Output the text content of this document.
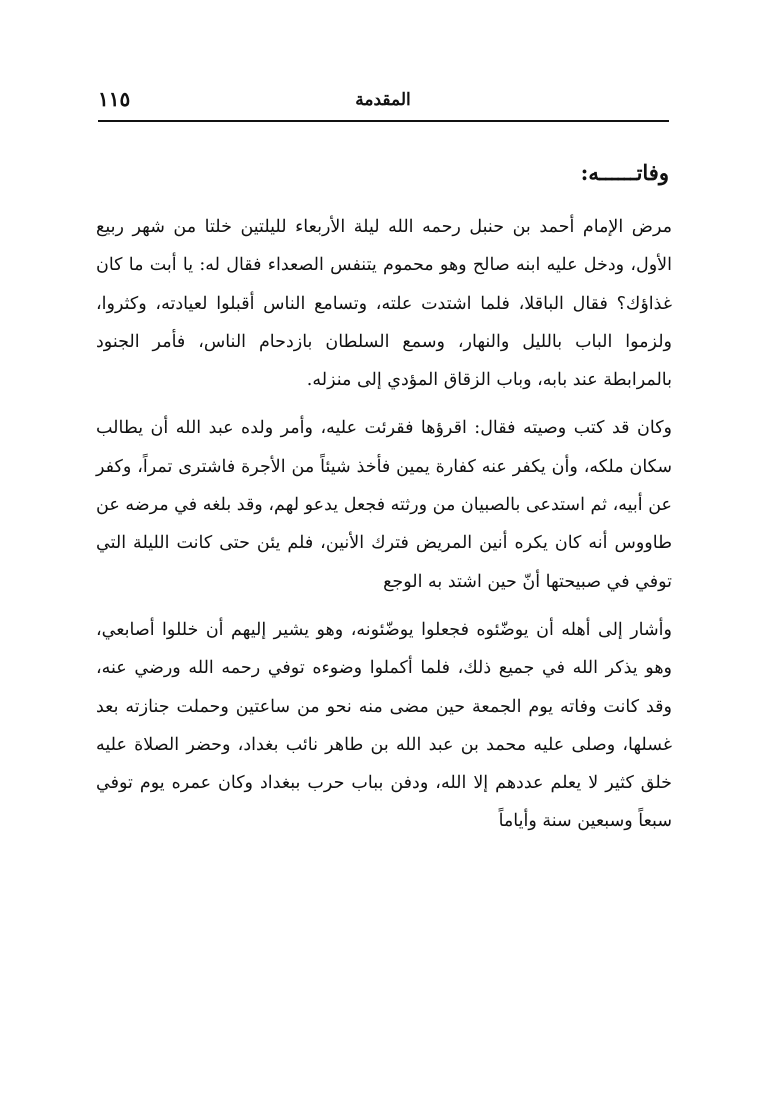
المقدمة
١١٥
وفاتــــــه:

مرض الإمام أحمد بن حنبل رحمه الله ليلة الأربعاء لليلتين خلتا من شهر ربيع الأول، ودخل عليه ابنه صالح وهو محموم يتنفس الصعداء فقال له: يا أبت ما كان غذاؤك؟ فقال الباقلا، فلما اشتدت علته، وتسامع الناس أقبلوا لعيادته، وكثروا، ولزموا الباب بالليل والنهار، وسمع السلطان بازدحام الناس، فأمر الجنود بالمرابطة عند بابه، وباب الزقاق المؤدي إلى منزله.

وكان قد كتب وصيته فقال: اقرؤها فقرئت عليه، وأمر ولده عبد الله أن يطالب سكان ملكه، وأن يكفر عنه كفارة يمين فأخذ شيئاً من الأجرة فاشترى تمراً، وكفر عن أبيه، ثم استدعى بالصبيان من ورثته فجعل يدعو لهم، وقد بلغه في مرضه عن طاووس أنه كان يكره أنين المريض فترك الأنين، فلم يئن حتى كانت الليلة التي توفي في صبيحتها أنّ حين اشتد به الوجع

وأشار إلى أهله أن يوضّئوه فجعلوا يوضّئونه، وهو يشير إليهم أن خللوا أصابعي، وهو يذكر الله في جميع ذلك، فلما أكملوا وضوءه توفي رحمه الله ورضي عنه، وقد كانت وفاته يوم الجمعة حين مضى منه نحو من ساعتين وحملت جنازته بعد غسلها، وصلى عليه محمد بن عبد الله بن طاهر نائب بغداد، وحضر الصلاة عليه خلق كثير لا يعلم عددهم إلا الله، ودفن بباب حرب ببغداد وكان عمره يوم توفي سبعاً وسبعين سنة وأياماً
